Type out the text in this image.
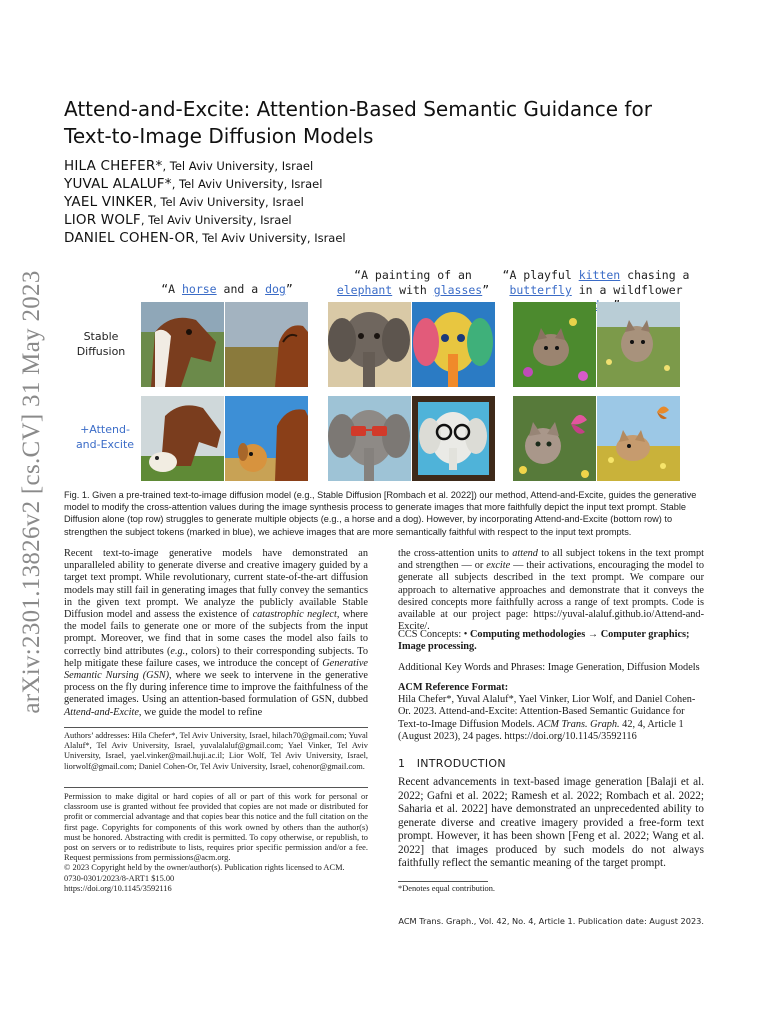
arXiv:2301.13826v2 [cs.CV] 31 May 2023
Attend-and-Excite: Attention-Based Semantic Guidance for
Text-to-Image Diffusion Models
HILA CHEFER*, Tel Aviv University, Israel
YUVAL ALALUF*, Tel Aviv University, Israel
YAEL VINKER, Tel Aviv University, Israel
LIOR WOLF, Tel Aviv University, Israel
DANIEL COHEN-OR, Tel Aviv University, Israel
“A horse and a dog”
“A painting of an
elephant with glasses”
“A playful kitten chasing a
butterfly in a wildflower
Stable Diffusion
+Attend-and-Excite
Fig. 1. Given a pre-trained text-to-image diffusion model (e.g., Stable Diffusion [Rombach et al. 2022]) our method, Attend-and-Excite, guides the generative model to modify the cross-attention values during the image synthesis process to generate images that more faithfully depict the input text prompt. Stable Diffusion alone (top row) struggles to generate multiple objects (e.g., a horse and a dog). However, by incorporating Attend-and-Excite (bottom row) to strengthen the subject tokens (marked in blue), we achieve images that are more semantically faithful with respect to the input text prompts.

Recent text-to-image generative models have demonstrated an unparalleled ability to generate diverse and creative imagery guided by a target text prompt. While revolutionary, current state-of-the-art diffusion models may still fail in generating images that fully convey the semantics in the given text prompt. We analyze the publicly available Stable Diffusion model and assess the existence of catastrophic neglect, where the model fails to generate one or more of the subjects from the input prompt. Moreover, we find that in some cases the model also fails to correctly bind attributes (e.g., colors) to their corresponding subjects. To help mitigate these failure cases, we introduce the concept of Generative Semantic Nursing (GSN), where we seek to intervene in the generative process on the fly during inference time to improve the faithfulness of the generated images. Using an attention-based formulation of GSN, dubbed Attend-and-Excite, we guide the model to refine

Authors’ addresses: Hila Chefer*, Tel Aviv University, Israel, hilach70@gmail.com; Yuval Alaluf*, Tel Aviv University, Israel, yuvalalaluf@gmail.com; Yael Vinker, Tel Aviv University, Israel, yael.vinker@mail.huji.ac.il; Lior Wolf, Tel Aviv University, Israel, liorwolf@gmail.com; Daniel Cohen-Or, Tel Aviv University, Israel, cohenor@gmail.com.
Permission to make digital or hard copies of all or part of this work for personal or classroom use is granted without fee provided that copies are not made or distributed for profit or commercial advantage and that copies bear this notice and the full citation on the first page. Copyrights for components of this work owned by others than the author(s) must be honored. Abstracting with credit is permitted. To copy otherwise, or republish, to post on servers or to redistribute to lists, requires prior specific permission and/or a fee. Request permissions from permissions@acm.org.
© 2023 Copyright held by the owner/author(s). Publication rights licensed to ACM.
0730-0301/2023/8-ART1 $15.00
https://doi.org/10.1145/3592116

the cross-attention units to attend to all subject tokens in the text prompt and strengthen — or excite — their activations, encouraging the model to generate all subjects described in the text prompt. We compare our approach to alternative approaches and demonstrate that it conveys the desired concepts more faithfully across a range of text prompts. Code is available at our project page: https://yuval-alaluf.github.io/Attend-and-Excite/.

CCS Concepts: • Computing methodologies → Computer graphics; Image processing.
Additional Key Words and Phrases: Image Generation, Diffusion Models
ACM Reference Format:
Hila Chefer*, Yuval Alaluf*, Yael Vinker, Lior Wolf, and Daniel Cohen-Or. 2023. Attend-and-Excite: Attention-Based Semantic Guidance for Text-to-Image Diffusion Models. ACM Trans. Graph. 42, 4, Article 1 (August 2023), 24 pages. https://doi.org/10.1145/3592116
1 INTRODUCTION
Recent advancements in text-based image generation [Balaji et al. 2022; Gafni et al. 2022; Ramesh et al. 2022; Rombach et al. 2022; Saharia et al. 2022] have demonstrated an unprecedented ability to generate diverse and creative imagery provided a free-form text prompt. However, it has been shown [Feng et al. 2022; Wang et al. 2022] that images produced by such models do not always faithfully reflect the semantic meaning of the target prompt.
*Denotes equal contribution.
ACM Trans. Graph., Vol. 42, No. 4, Article 1. Publication date: August 2023.
